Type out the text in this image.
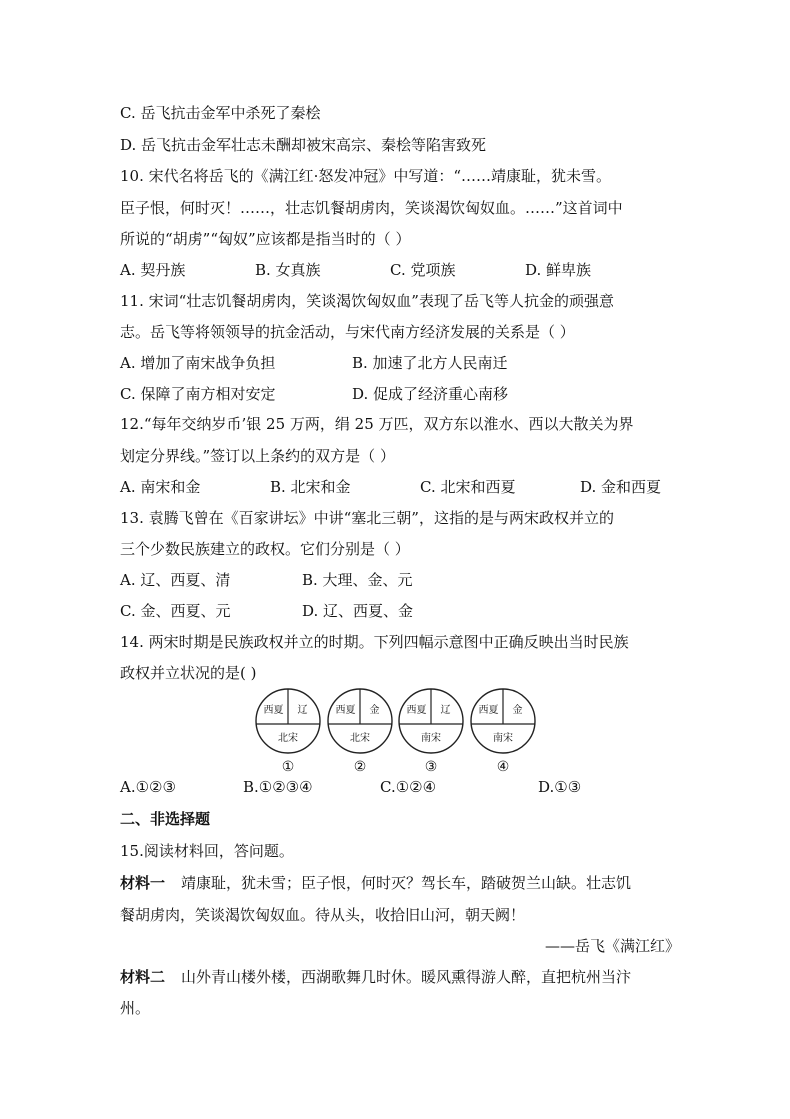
C. 岳飞抗击金军中杀死了秦桧
D. 岳飞抗击金军壮志未酬却被宋高宗、秦桧等陷害致死
10. 宋代名将岳飞的《满江红·怒发冲冠》中写道：“……靖康耻，犹未雪。
臣子恨，何时灭！……，壮志饥餐胡虏肉，笑谈渴饮匈奴血。……”这首词中
所说的“胡虏”“匈奴”应该都是指当时的（ ）
A. 契丹族	B. 女真族	C. 党项族	D. 鲜卑族
11. 宋词“壮志饥餐胡虏肉，笑谈渴饮匈奴血”表现了岳飞等人抗金的顽强意
志。岳飞等将领领导的抗金活动，与宋代南方经济发展的关系是（ ）
A. 增加了南宋战争负担	B. 加速了北方人民南迁
C. 保障了南方相对安定	D. 促成了经济重心南移
12.“每年交纳岁币’银 25 万两，绢 25 万匹，双方东以淮水、西以大散关为界
划定分界线。”签订以上条约的双方是（ ）
A. 南宋和金	B. 北宋和金	C. 北宋和西夏	D. 金和西夏
13. 袁腾飞曾在《百家讲坛》中讲“塞北三朝”，这指的是与两宋政权并立的
三个少数民族建立的政权。它们分别是（ ）
A. 辽、西夏、清	B. 大理、金、元
C. 金、西夏、元	D. 辽、西夏、金
14. 两宋时期是民族政权并立的时期。下列四幅示意图中正确反映出当时民族
政权并立状况的是( )
西夏	辽
北宋
①
西夏	金
北宋
②
西夏	辽
南宋
③
西夏	金
南宋
④
A.①②③	B.①②③④	C.①②④	D.①③
二、非选择题
15.阅读材料回，答问题。
材料一 靖康耻，犹未雪；臣子恨，何时灭？驾长车，踏破贺兰山缺。壮志饥
餐胡虏肉，笑谈渴饮匈奴血。待从头，收拾旧山河，朝天阙！
——岳飞《满江红》
材料二 山外青山楼外楼，西湖歌舞几时休。暖风熏得游人醉，直把杭州当汴
州。
